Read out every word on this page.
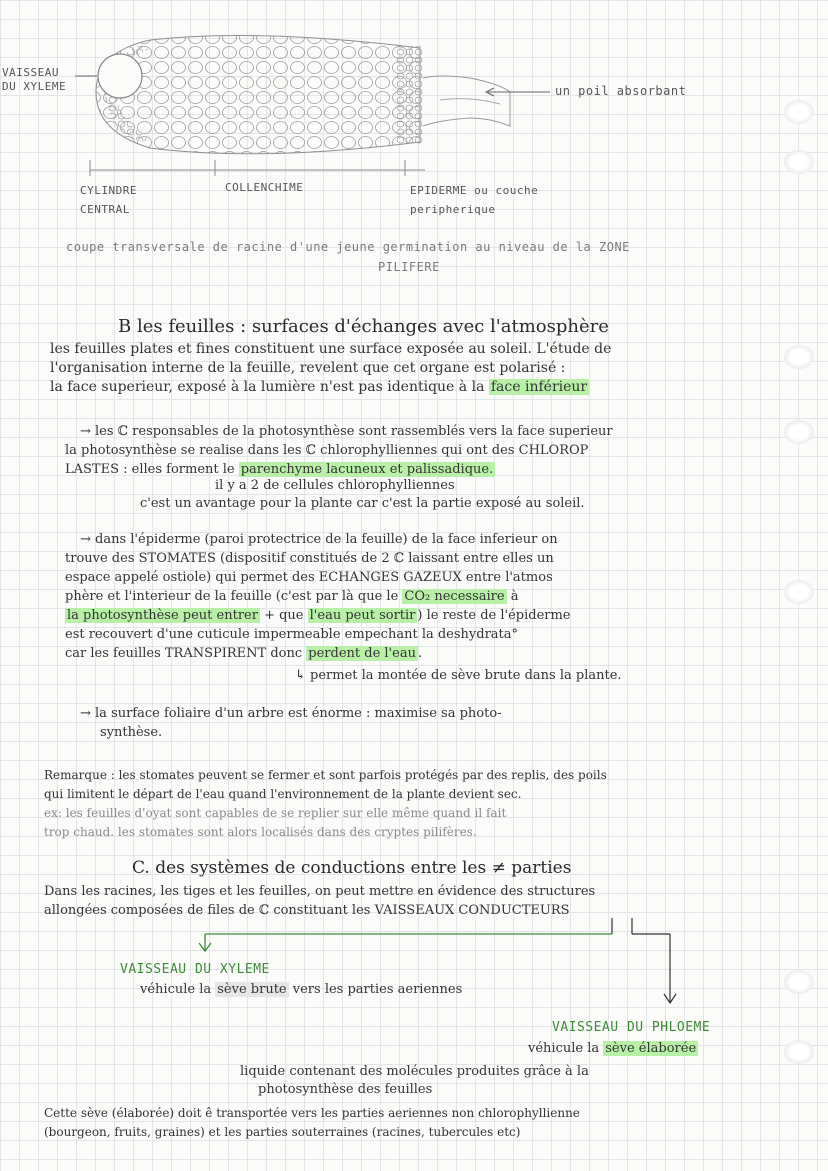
VAISSEAU
DU XYLEME	un poil absorbant
CYLINDRE
CENTRAL
COLLENCHIME	EPIDERME ou couche
peripherique
coupe transversale de racine d'une jeune germination au niveau de la ZONE
PILIFERE
B les feuilles : surfaces d'échanges avec l'atmosphère
les feuilles plates et fines constituent une surface exposée au soleil. L'étude de
l'organisation interne de la feuille, revelent que cet organe est polarisé :
la face superieur, exposé à la lumière n'est pas identique à la face inférieur
→ les ℂ responsables de la photosynthèse sont rassemblés vers la face superieur
la photosynthèse se realise dans les ℂ chlorophylliennes qui ont des CHLOROP
LASTES : elles forment le parenchyme lacuneux et palissadique.
il y a 2 de cellules chlorophylliennes
c'est un avantage pour la plante car c'est la partie exposé au soleil.
→ dans l'épiderme (paroi protectrice de la feuille) de la face inferieur on
trouve des STOMATES (dispositif constitués de 2 ℂ laissant entre elles un
espace appelé ostiole) qui permet des ECHANGES GAZEUX entre l'atmos
phère et l'interieur de la feuille (c'est par là que le CO₂ necessaire à
la photosynthèse peut entrer + que l'eau peut sortir ) le reste de l'épiderme
est recouvert d'une cuticule impermeable empechant la deshydrata°
car les feuilles TRANSPIRENT donc perdent de l'eau .
↳ permet la montée de sève brute dans la plante.
→ la surface foliaire d'un arbre est énorme : maximise sa photo-
synthèse.
Remarque : les stomates peuvent se fermer et sont parfois protégés par des replis, des poils
qui limitent le départ de l'eau quand l'environnement de la plante devient sec.
ex: les feuilles d'oyat sont capables de se replier sur elle même quand il fait
trop chaud. les stomates sont alors localisés dans des cryptes pilifères.
C. des systèmes de conductions entre les ≠ parties
Dans les racines, les tiges et les feuilles, on peut mettre en évidence des structures
allongées composées de files de ℂ constituant les VAISSEAUX CONDUCTEURS
VAISSEAU DU XYLEME
véhicule la sève brute vers les parties aeriennes
VAISSEAU DU PHLOEME
véhicule la sève élaborée
liquide contenant des molécules produites grâce à la
photosynthèse des feuilles
Cette sève (élaborée) doit ê transportée vers les parties aeriennes non chlorophyllienne
(bourgeon, fruits, graines) et les parties souterraines (racines, tubercules etc)
